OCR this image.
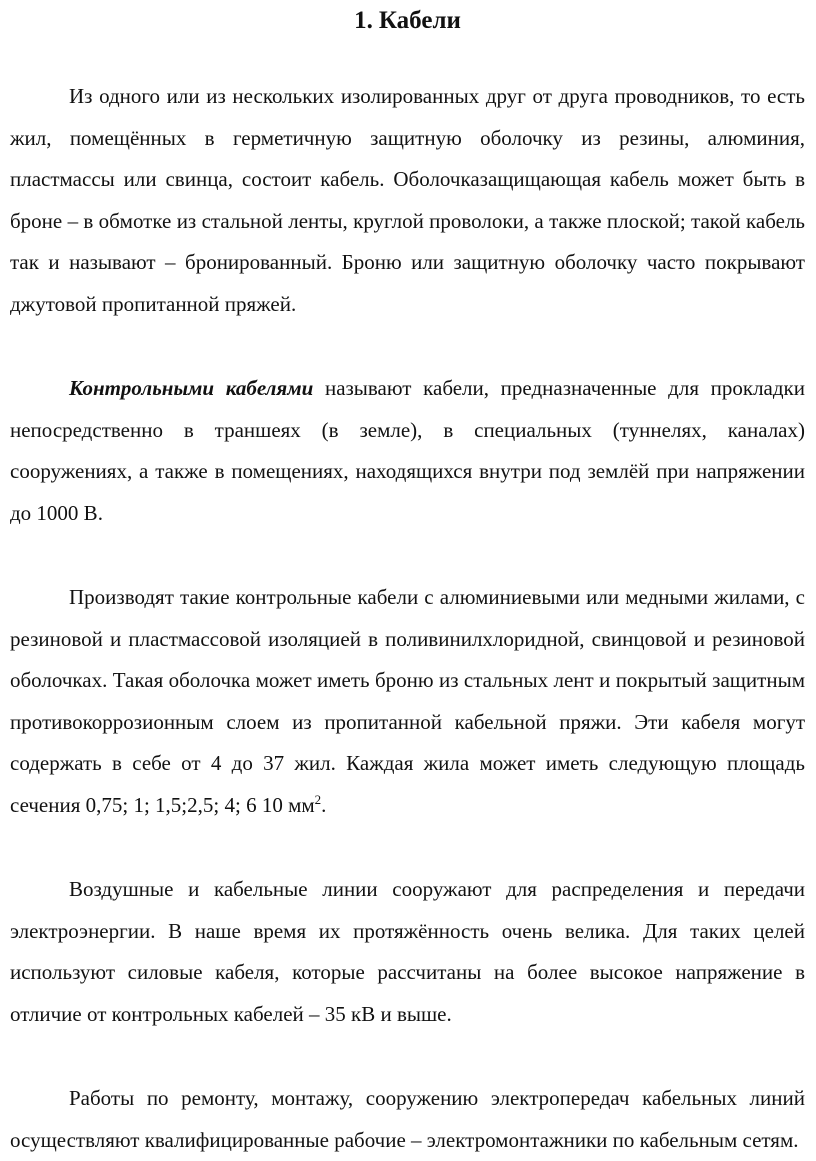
1. Кабели

Из одного или из нескольких изолированных друг от друга проводников, то есть жил, помещённых в герметичную защитную оболочку из резины, алюминия, пластмассы или свинца, состоит кабель. Оболочказащищающая кабель может быть в броне – в обмотке из стальной ленты, круглой проволоки, а также плоской; такой кабель так и называют – бронированный. Броню или защитную оболочку часто покрывают джутовой пропитанной пряжей.

Контрольными кабелями называют кабели, предназначенные для прокладки непосредственно в траншеях (в земле), в специальных (туннелях, каналах) сооружениях, а также в помещениях, находящихся внутри под землёй при напряжении до 1000 В.

Производят такие контрольные кабели с алюминиевыми или медными жилами, с резиновой и пластмассовой изоляцией в поливинилхлоридной, свинцовой и резиновой оболочках. Такая оболочка может иметь броню из стальных лент и покрытый защитным противокоррозионным слоем из пропитанной кабельной пряжи. Эти кабеля могут содержать в себе от 4 до 37 жил. Каждая жила может иметь следующую площадь сечения 0,75; 1; 1,5;2,5; 4; 6 10 $мм^2$.

Воздушные и кабельные линии сооружают для распределения и передачи электроэнергии. В наше время их протяжённость очень велика. Для таких целей используют силовые кабеля, которые рассчитаны на более высокое напряжение в отличие от контрольных кабелей – 35 кВ и выше.

Работы по ремонту, монтажу, сооружению электропередач кабельных линий осуществляют квалифицированные рабочие – электромонтажники по кабельным сетям.
